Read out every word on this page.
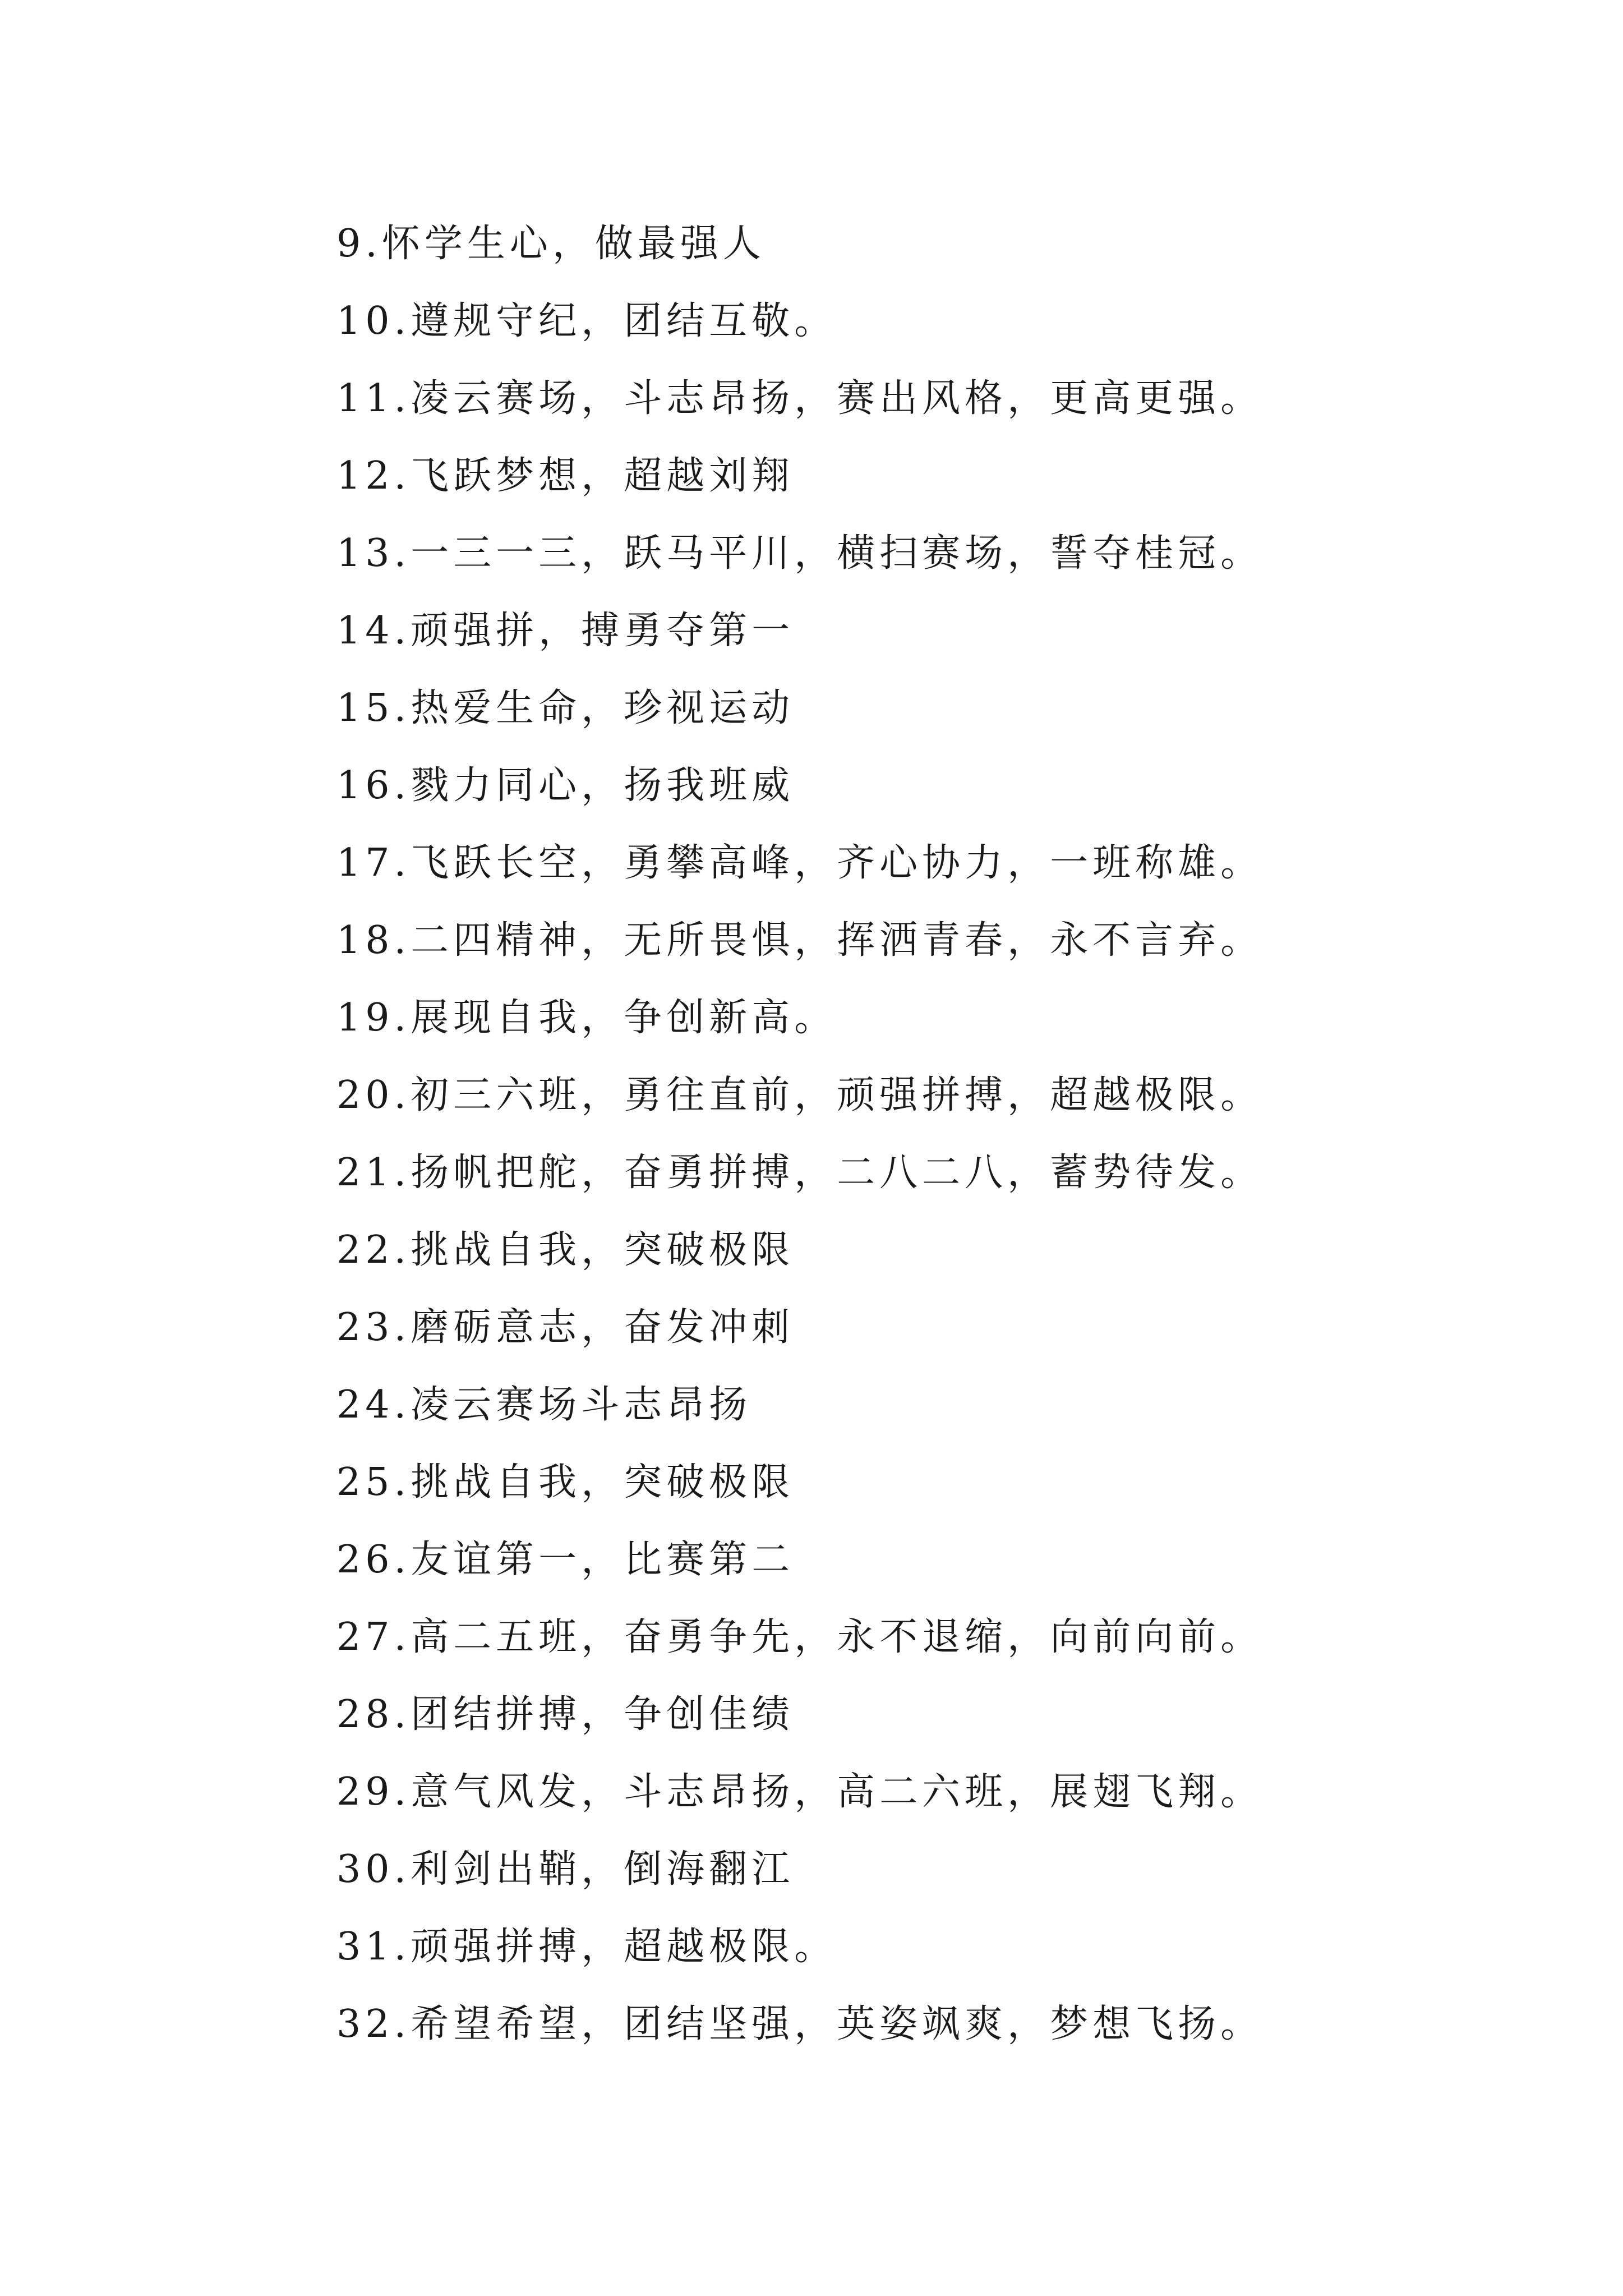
9.怀学生心，做最强人
10.遵规守纪，团结互敬。
11.凌云赛场，斗志昂扬，赛出风格，更高更强。
12.飞跃梦想，超越刘翔
13.一三一三，跃马平川，横扫赛场，誓夺桂冠。
14.顽强拼，搏勇夺第一
15.热爱生命，珍视运动
16.戮力同心，扬我班威
17.飞跃长空，勇攀高峰，齐心协力，一班称雄。
18.二四精神，无所畏惧，挥洒青春，永不言弃。
19.展现自我，争创新高。
20.初三六班，勇往直前，顽强拼搏，超越极限。
21.扬帆把舵，奋勇拼搏，二八二八，蓄势待发。
22.挑战自我，突破极限
23.磨砺意志，奋发冲刺
24.凌云赛场斗志昂扬
25.挑战自我，突破极限
26.友谊第一，比赛第二
27.高二五班，奋勇争先，永不退缩，向前向前。
28.团结拼搏，争创佳绩
29.意气风发，斗志昂扬，高二六班，展翅飞翔。
30.利剑出鞘，倒海翻江
31.顽强拼搏，超越极限。
32.希望希望，团结坚强，英姿飒爽，梦想飞扬。
